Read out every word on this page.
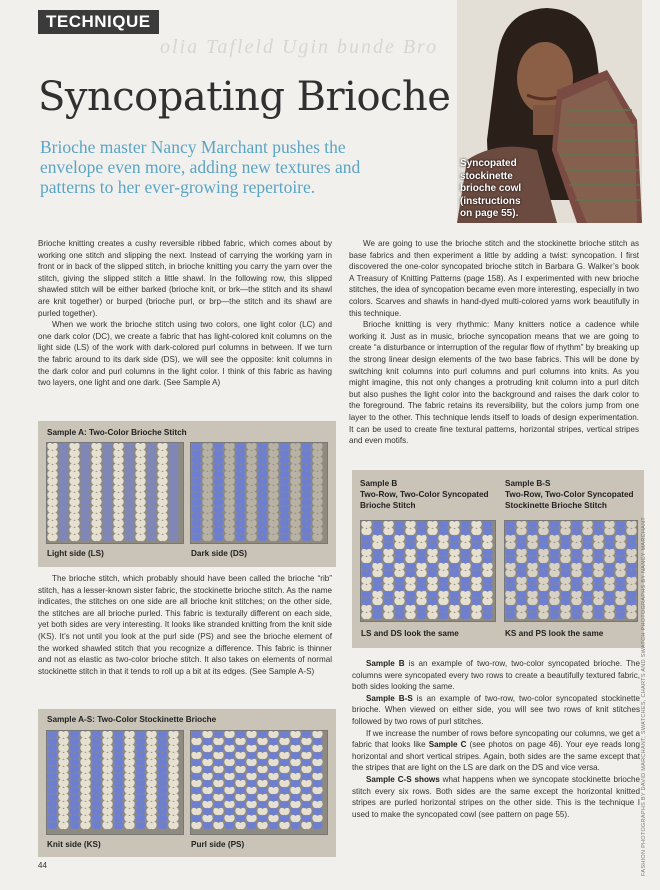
olia Tafleld Ugin bunde Bro
TECHNIQUE
Syncopating Brioche
Brioche master Nancy Marchant pushes the envelope even more, adding new textures and patterns to her ever-growing repertoire.
Syncopated
stockinette
brioche cowl
(instructions
on page 55).

Brioche knitting creates a cushy reversible ribbed fabric, which comes about by working one stitch and slipping the next. Instead of carrying the working yarn in front or in back of the slipped stitch, in brioche knitting you carry the yarn over the stitch, giving the slipped stitch a little shawl. In the following row, this slipped shawled stitch will be either barked (brioche knit, or brk—the stitch and its shawl are knit together) or burped (brioche purl, or brp—the stitch and its shawl are purled together).

When we work the brioche stitch using two colors, one light color (LC) and one dark color (DC), we create a fabric that has light-colored knit columns on the light side (LS) of the work with dark-colored purl columns in between. If we turn the fabric around to its dark side (DS), we will see the opposite: knit columns in the dark color and purl columns in the light color. I think of this fabric as having two layers, one light and one dark. (See Sample A)

Sample A: Two-Color Brioche Stitch
Light side (LS)	Dark side (DS)

The brioche stitch, which probably should have been called the brioche “rib” stitch, has a lesser-known sister fabric, the stockinette brioche stitch. As the name indicates, the stitches on one side are all brioche knit stitches; on the other side, the stitches are all brioche purled. This fabric is texturally different on each side, yet both sides are very interesting. It looks like stranded knitting from the knit side (KS). It’s not until you look at the purl side (PS) and see the brioche element of the worked shawled stitch that you recognize a difference. This fabric is thinner and not as elastic as two-color brioche stitch. It also takes on elements of normal stockinette stitch in that it tends to roll up a bit at its edges. (See Sample A-S)

Sample A-S: Two-Color Stockinette Brioche
Knit side (KS)	Purl side (PS)

We are going to use the brioche stitch and the stockinette brioche stitch as base fabrics and then experiment a little by adding a twist: syncopation. I first discovered the one-color syncopated brioche stitch in Barbara G. Walker’s book A Treasury of Knitting Patterns (page 158). As I experimented with new brioche stitches, the idea of syncopation became even more interesting, especially in two colors. Scarves and shawls in hand-dyed multi-colored yarns work beautifully in this technique.

Brioche knitting is very rhythmic: Many knitters notice a cadence while working it. Just as in music, brioche syncopation means that we are going to create “a disturbance or interruption of the regular flow of rhythm” by breaking up the strong linear design elements of the two base fabrics. This will be done by switching knit columns into purl columns and purl columns into knits. As you might imagine, this not only changes a protruding knit column into a purl ditch but also pushes the light color into the background and raises the dark color to the foreground. The fabric retains its reversibility, but the colors jump from one layer to the other. This technique lends itself to loads of design experimentation. It can be used to create fine textural patterns, horizontal stripes, vertical stripes and even motifs.

Sample B
Two-Row, Two-Color Syncopated
Brioche Stitch
Sample B-S
Two-Row, Two-Color Syncopated
Stockinette Brioche Stitch
LS and DS look the same	KS and PS look the same

Sample B is an example of two-row, two-color syncopated brioche. The columns were syncopated every two rows to create a beautifully textured fabric, both sides looking the same.

Sample B-S is an example of two-row, two-color syncopated stockinette brioche. When viewed on either side, you will see two rows of knit stitches followed by two rows of purl stitches.

If we increase the number of rows before syncopating our columns, we get a fabric that looks like Sample C (see photos on page 46). Your eye reads long horizontal and short vertical stripes. Again, both sides are the same except that the stripes that are light on the LS are dark on the DS and vice versa.

Sample C-S shows what happens when we syncopate stockinette brioche stitch every six rows. Both sides are the same except the horizontal knitted stripes are purled horizontal stripes on the other side. This is the technique I used to make the syncopated cowl (see pattern on page 55).	FASHION PHOTOGRAPHS BY DAVID MARCHANT; SWATCHES, CHARTS AND SWATCH PHOTOGRAPHS BY NANCY MARCHANT
44
